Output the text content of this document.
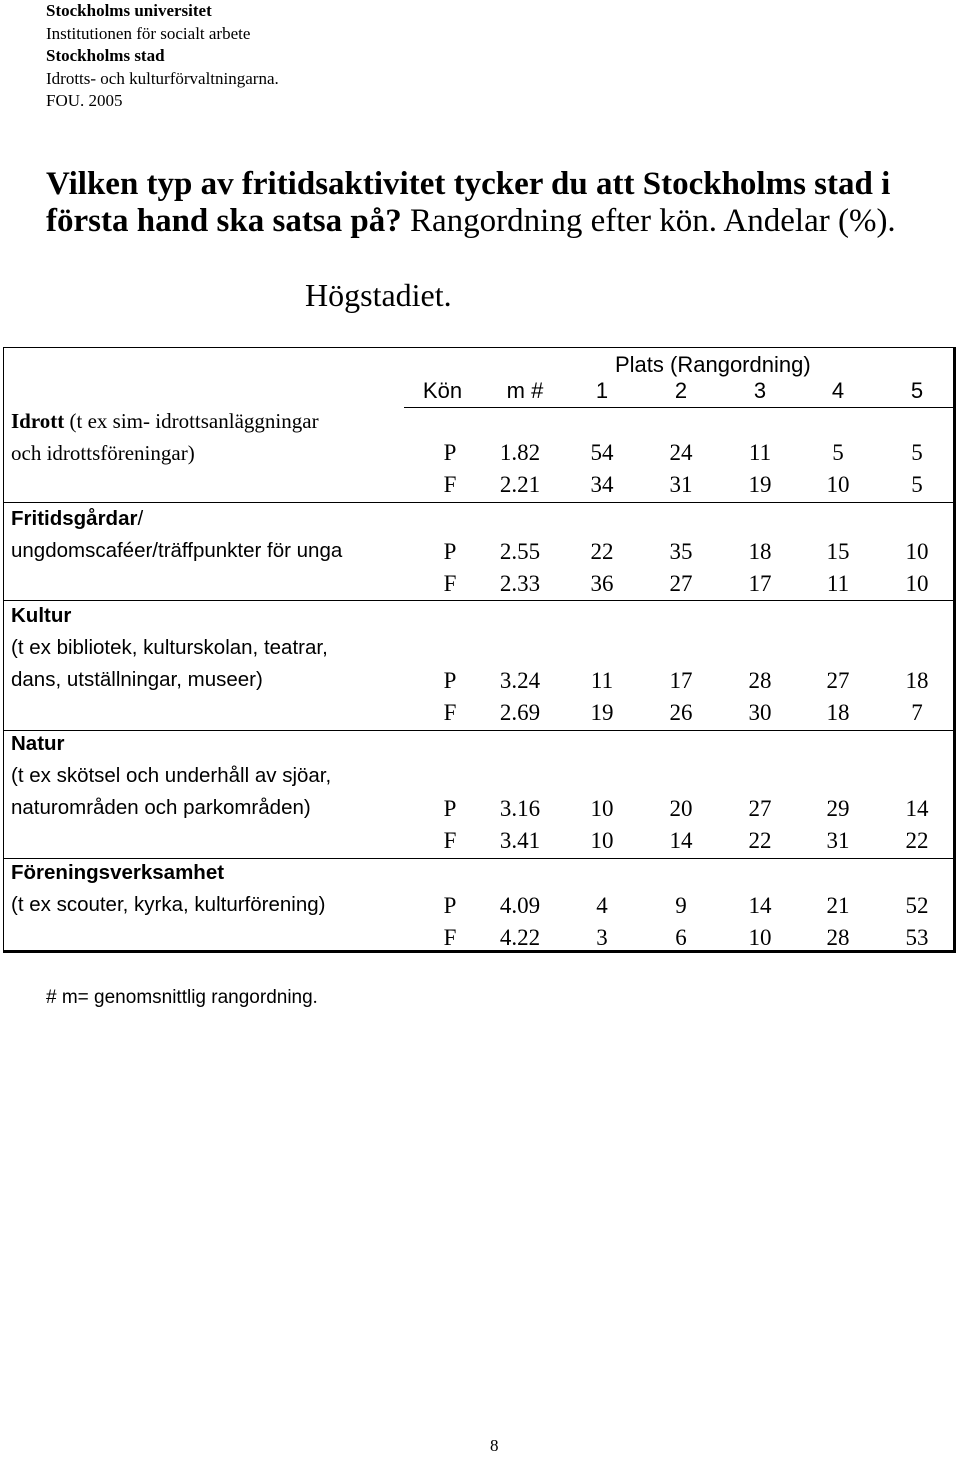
Stockholms universitet
Institutionen för socialt arbete
Stockholms stad
Idrotts- och kulturförvaltningarna.
FOU. 2005
Vilken typ av fritidsaktivitet tycker du att Stockholms stad i första hand ska satsa på? Rangordning efter kön. Andelar (%).
Högstadiet.
Plats (Rangordning)
Kön	m #	1	2	3	4	5
Idrott (t ex sim- idrottsanläggningar
och idrottsföreningar)	P	1.82	54	24	11	5	5
F	2.21	34	31	19	10	5
Fritidsgårdar/
ungdomscaféer/träffpunkter för unga	P	2.55	22	35	18	15	10
F	2.33	36	27	17	11	10
Kultur
(t ex bibliotek, kulturskolan, teatrar,
dans, utställningar, museer)	P	3.24	11	17	28	27	18
F	2.69	19	26	30	18	7
Natur
(t ex skötsel och underhåll av sjöar,
naturområden och parkområden)	P	3.16	10	20	27	29	14
F	3.41	10	14	22	31	22
Föreningsverksamhet
(t ex scouter, kyrka, kulturförening)	P	4.09	4	9	14	21	52
F	4.22	3	6	10	28	53
# m= genomsnittlig rangordning.
8
